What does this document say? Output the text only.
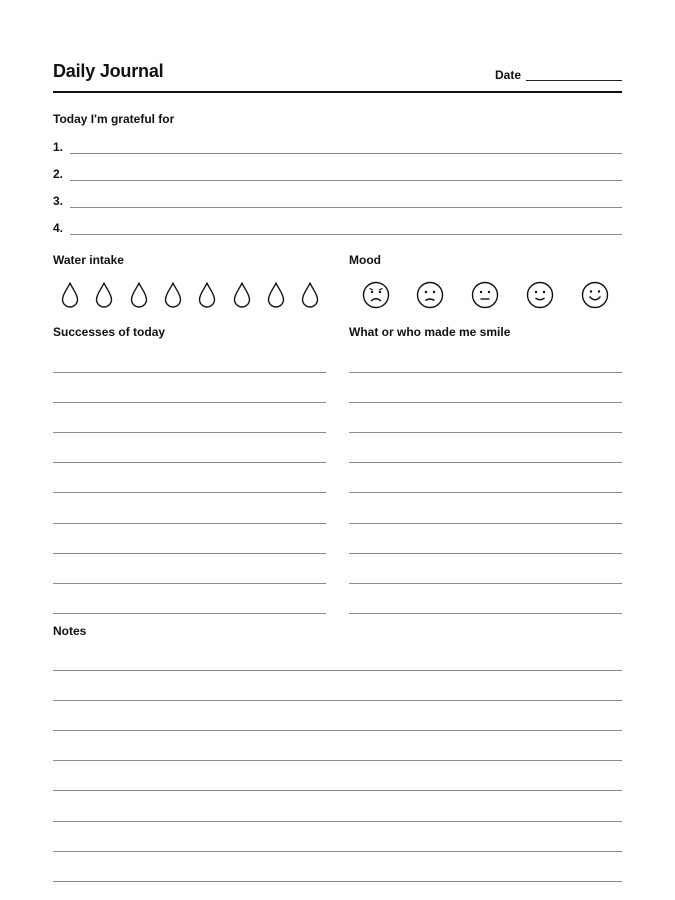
Daily Journal	Date
Today I'm grateful for
1.
2.
3.
4.
Water intake	Mood
Successes of today	What or who made me smile
Notes
